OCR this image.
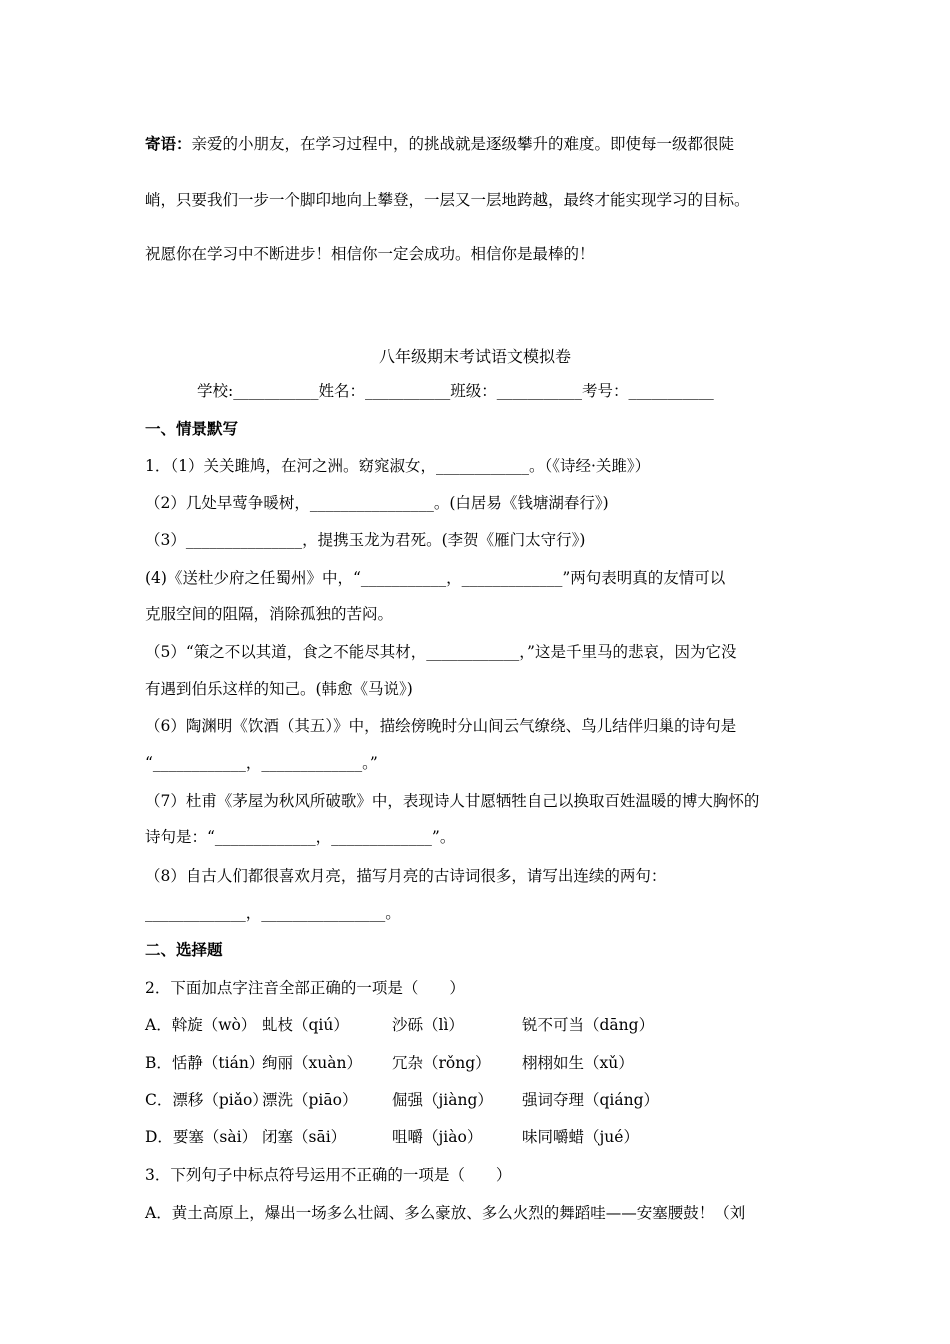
寄语：亲爱的小朋友，在学习过程中，的挑战就是逐级攀升的难度。即使每一级都很陡
峭，只要我们一步一个脚印地向上攀登，一层又一层地跨越，最终才能实现学习的目标。
祝愿你在学习中不断进步！相信你一定会成功。相信你是最棒的！
八年级期末考试语文模拟卷
学校:___________姓名：___________班级：___________考号：___________
一、情景默写
1．（1）关关雎鸠，在河之洲。窈窕淑女，____________。（《诗经·关雎》）
（2）几处早莺争暖树，________________。(白居易《钱塘湖春行》)
（3）_______________，提携玉龙为君死。(李贺《雁门太守行》)
(4)《送杜少府之任蜀州》中，“___________，_____________”两句表明真的友情可以
克服空间的阻隔，消除孤独的苦闷。
（5）“策之不以其道，食之不能尽其材，____________，”这是千里马的悲哀，因为它没
有遇到伯乐这样的知己。(韩愈《马说》)
（6）陶渊明《饮酒（其五）》中，描绘傍晚时分山间云气缭绕、鸟儿结伴归巢的诗句是
“____________，_____________。”
（7）杜甫《茅屋为秋风所破歌》中，表现诗人甘愿牺牲自己以换取百姓温暖的博大胸怀的
诗句是：“_____________，_____________”。
（8）自古人们都很喜欢月亮，描写月亮的古诗词很多，请写出连续的两句：
_____________，________________。
二、选择题
2．下面加点字注音全部正确的一项是（　　）
A．斡旋（wò） 虬枝（qiú）	沙砾（lì）	锐不可当（dāng）
B．恬静（tián）绚丽（xuàn） 冗杂（rǒng） 栩栩如生（xǔ）
C．漂移（piǎo）漂洗（piāo） 倔强（jiàng） 强词夺理（qiáng）
D．要塞（sài） 闭塞（sāi）	咀嚼（jiào）	味同嚼蜡（jué）
3．下列句子中标点符号运用不正确的一项是（　　）
A．黄土高原上，爆出一场多么壮阔、多么豪放、多么火烈的舞蹈哇——安塞腰鼓！（刘
